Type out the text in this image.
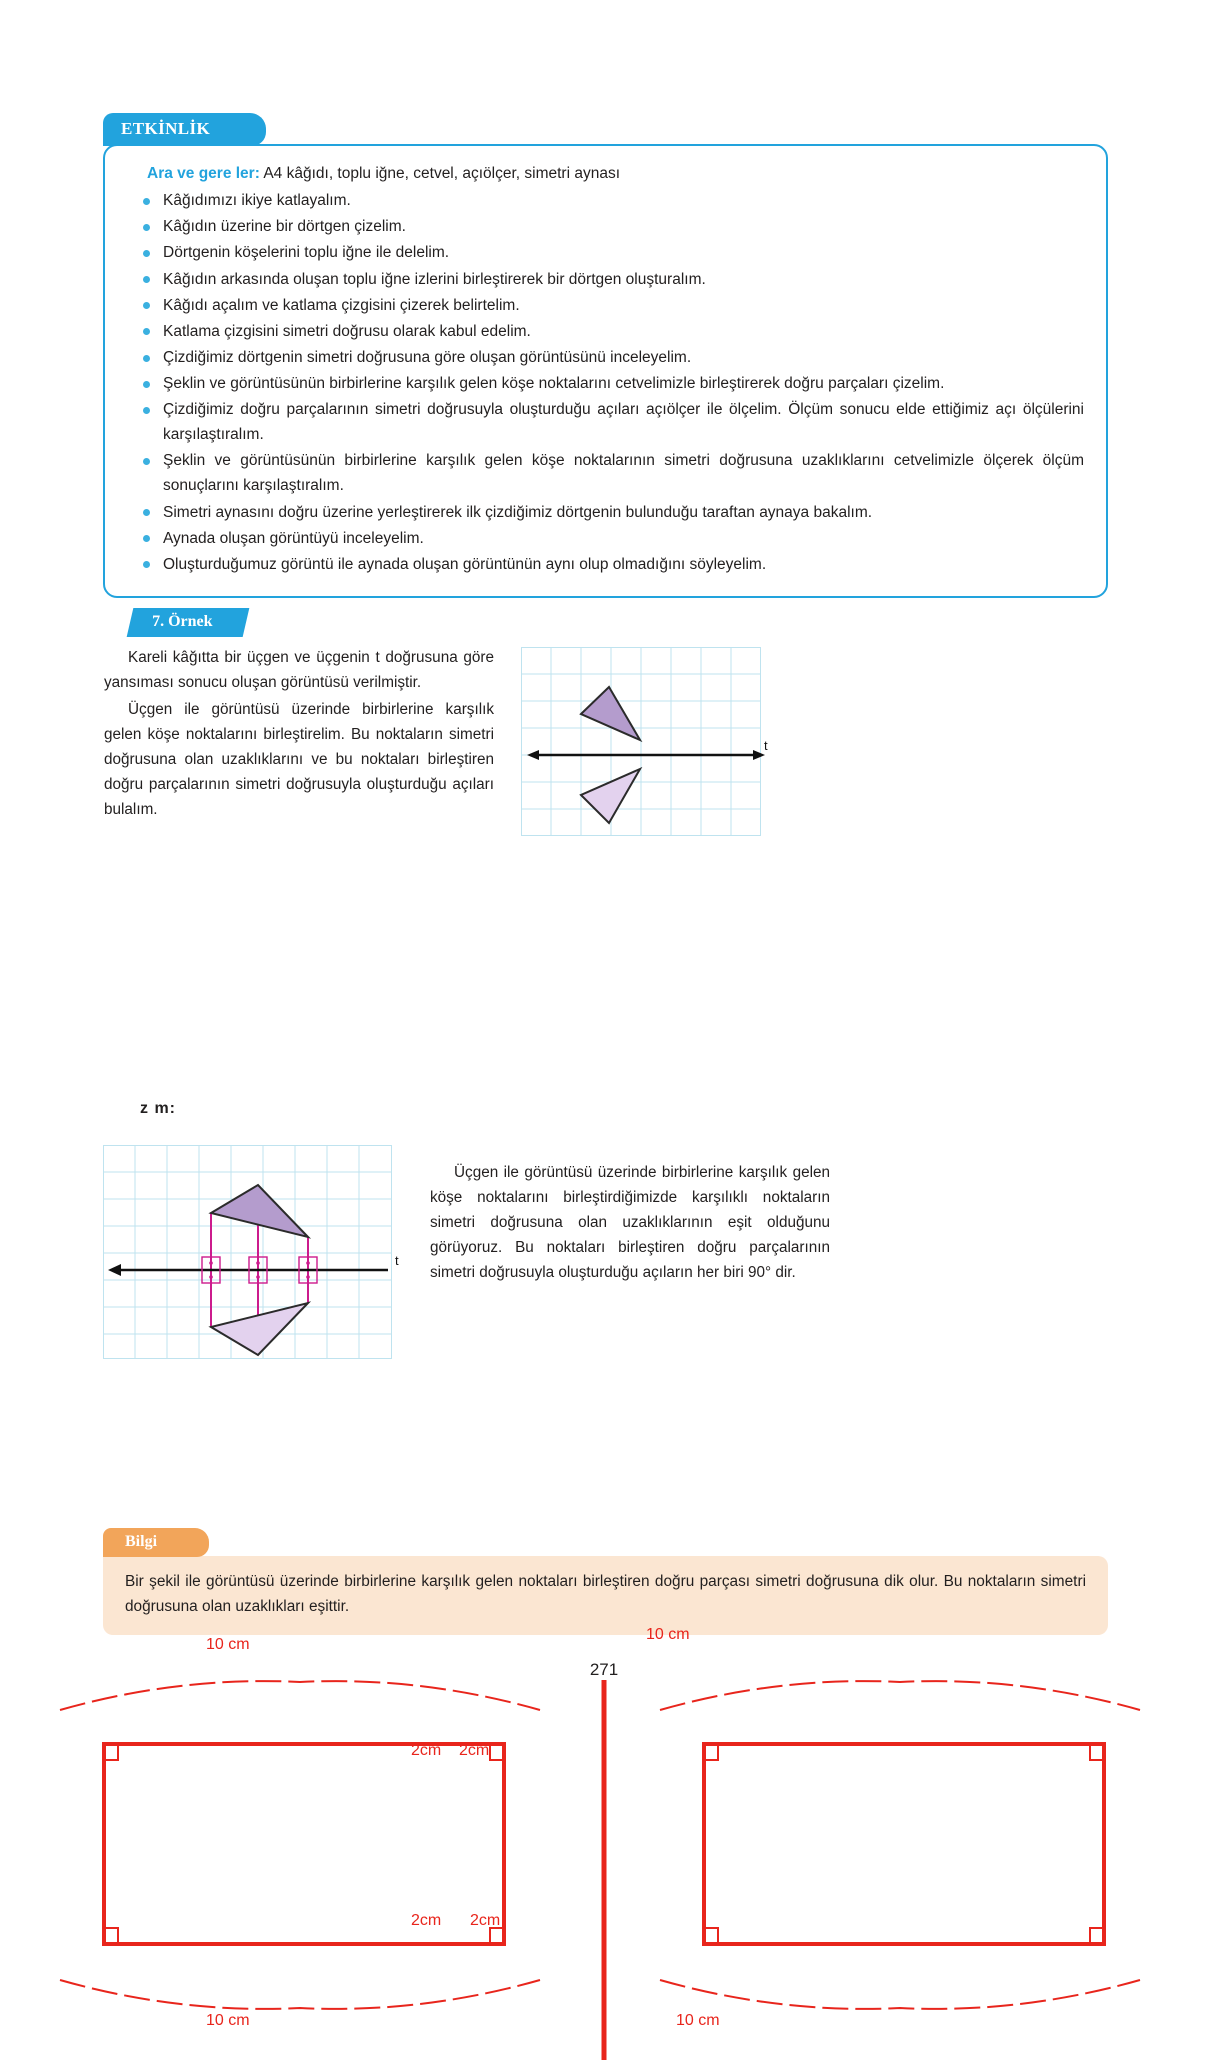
ETKİNLİK
Ara ve gere ler: A4 kâğıdı, toplu iğne, cetvel, açıölçer, simetri aynası
Kâğıdımızı ikiye katlayalım.
Kâğıdın üzerine bir dörtgen çizelim.
Dörtgenin köşelerini toplu iğne ile delelim.
Kâğıdın arkasında oluşan toplu iğne izlerini birleştirerek bir dörtgen oluşturalım.
Kâğıdı açalım ve katlama çizgisini çizerek belirtelim.
Katlama çizgisini simetri doğrusu olarak kabul edelim.
Çizdiğimiz dörtgenin simetri doğrusuna göre oluşan görüntüsünü inceleyelim.
Şeklin ve görüntüsünün birbirlerine karşılık gelen köşe noktalarını cetvelimizle birleştirerek doğru parçaları çizelim.
Çizdiğimiz doğru parçalarının simetri doğrusuyla oluşturduğu açıları açıölçer ile ölçelim. Ölçüm sonucu elde ettiğimiz açı ölçülerini karşılaştıralım.
Şeklin ve görüntüsünün birbirlerine karşılık gelen köşe noktalarının simetri doğrusuna uzaklıklarını cetvelimizle ölçerek ölçüm sonuçlarını karşılaştıralım.
Simetri aynasını doğru üzerine yerleştirerek ilk çizdiğimiz dörtgenin bulunduğu taraftan aynaya bakalım.
Aynada oluşan görüntüyü inceleyelim.
Oluşturduğumuz görüntü ile aynada oluşan görüntünün aynı olup olmadığını söyleyelim.
7. Örnek

Kareli kâğıtta bir üçgen ve üçgenin t doğrusuna göre yansıması sonucu oluşan görüntüsü verilmiştir.

Üçgen ile görüntüsü üzerinde birbirlerine karşılık gelen köşe noktalarını birleştirelim. Bu noktaların simetri doğrusuna olan uzaklıklarını ve bu noktaları birleştiren doğru parçalarının simetri doğrusuyla oluşturduğu açıları bulalım.

t
z m:
t

Üçgen ile görüntüsü üzerinde birbirlerine karşılık gelen köşe noktalarını birleştirdiğimizde karşılıklı noktaların simetri doğrusuna olan uzaklıklarının eşit olduğunu görüyoruz. Bu noktaları birleştiren doğru parçalarının simetri doğrusuyla oluşturduğu açıların her biri 90° dir.

Bilgi
Bir şekil ile görüntüsü üzerinde birbirlerine karşılık gelen noktaları birleştiren doğru parçası simetri doğrusuna dik olur. Bu noktaların simetri doğrusuna olan uzaklıkları eşittir.
271
10 cm
10 cm
10 cm
10 cm
2cm
2cm
2cm
2cm
